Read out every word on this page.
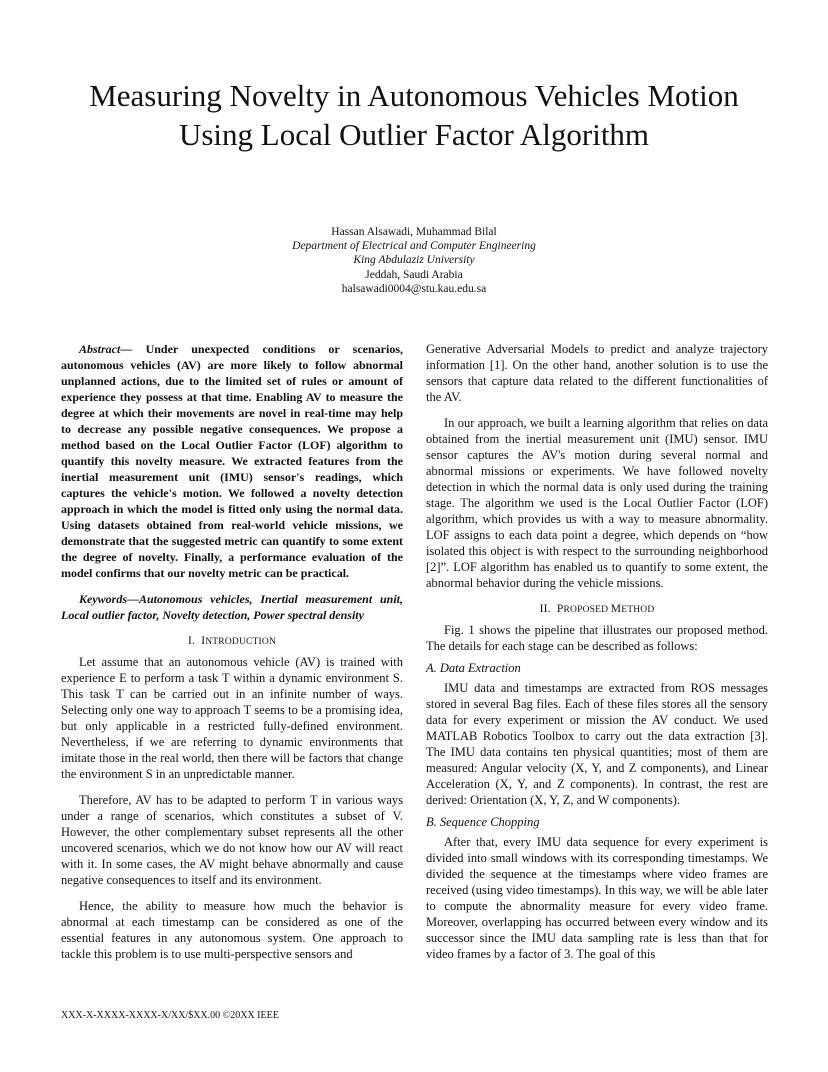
Measuring Novelty in Autonomous Vehicles Motion
Using Local Outlier Factor Algorithm
Hassan Alsawadi, Muhammad Bilal
Department of Electrical and Computer Engineering
King Abdulaziz University
Jeddah, Saudi Arabia
halsawadi0004@stu.kau.edu.sa

Abstract— Under unexpected conditions or scenarios, autonomous vehicles (AV) are more likely to follow abnormal unplanned actions, due to the limited set of rules or amount of experience they possess at that time. Enabling AV to measure the degree at which their movements are novel in real-time may help to decrease any possible negative consequences. We propose a method based on the Local Outlier Factor (LOF) algorithm to quantify this novelty measure. We extracted features from the inertial measurement unit (IMU) sensor's readings, which captures the vehicle's motion. We followed a novelty detection approach in which the model is fitted only using the normal data. Using datasets obtained from real-world vehicle missions, we demonstrate that the suggested metric can quantify to some extent the degree of novelty. Finally, a performance evaluation of the model confirms that our novelty metric can be practical.

Keywords—Autonomous vehicles, Inertial measurement unit, Local outlier factor, Novelty detection, Power spectral density

I. INTRODUCTION

Let assume that an autonomous vehicle (AV) is trained with experience E to perform a task T within a dynamic environment S. This task T can be carried out in an infinite number of ways. Selecting only one way to approach T seems to be a promising idea, but only applicable in a restricted fully-defined environment. Nevertheless, if we are referring to dynamic environments that imitate those in the real world, then there will be factors that change the environment S in an unpredictable manner.

Therefore, AV has to be adapted to perform T in various ways under a range of scenarios, which constitutes a subset of V. However, the other complementary subset represents all the other uncovered scenarios, which we do not know how our AV will react with it. In some cases, the AV might behave abnormally and cause negative consequences to itself and its environment.

Hence, the ability to measure how much the behavior is abnormal at each timestamp can be considered as one of the essential features in any autonomous system. One approach to tackle this problem is to use multi-perspective sensors and

Generative Adversarial Models to predict and analyze trajectory information [1]. On the other hand, another solution is to use the sensors that capture data related to the different functionalities of the AV.

In our approach, we built a learning algorithm that relies on data obtained from the inertial measurement unit (IMU) sensor. IMU sensor captures the AV's motion during several normal and abnormal missions or experiments. We have followed novelty detection in which the normal data is only used during the training stage. The algorithm we used is the Local Outlier Factor (LOF) algorithm, which provides us with a way to measure abnormality. LOF assigns to each data point a degree, which depends on “how isolated this object is with respect to the surrounding neighborhood [2]”. LOF algorithm has enabled us to quantify to some extent, the abnormal behavior during the vehicle missions.

II. PROPOSED METHOD

Fig. 1 shows the pipeline that illustrates our proposed method. The details for each stage can be described as follows:

A. Data Extraction

IMU data and timestamps are extracted from ROS messages stored in several Bag files. Each of these files stores all the sensory data for every experiment or mission the AV conduct. We used MATLAB Robotics Toolbox to carry out the data extraction [3]. The IMU data contains ten physical quantities; most of them are measured: Angular velocity (X, Y, and Z components), and Linear Acceleration (X, Y, and Z components). In contrast, the rest are derived: Orientation (X, Y, Z, and W components).

B. Sequence Chopping

After that, every IMU data sequence for every experiment is divided into small windows with its corresponding timestamps. We divided the sequence at the timestamps where video frames are received (using video timestamps). In this way, we will be able later to compute the abnormality measure for every video frame. Moreover, overlapping has occurred between every window and its successor since the IMU data sampling rate is less than that for video frames by a factor of 3. The goal of this

XXX-X-XXXX-XXXX-X/XX/$XX.00 ©20XX IEEE
